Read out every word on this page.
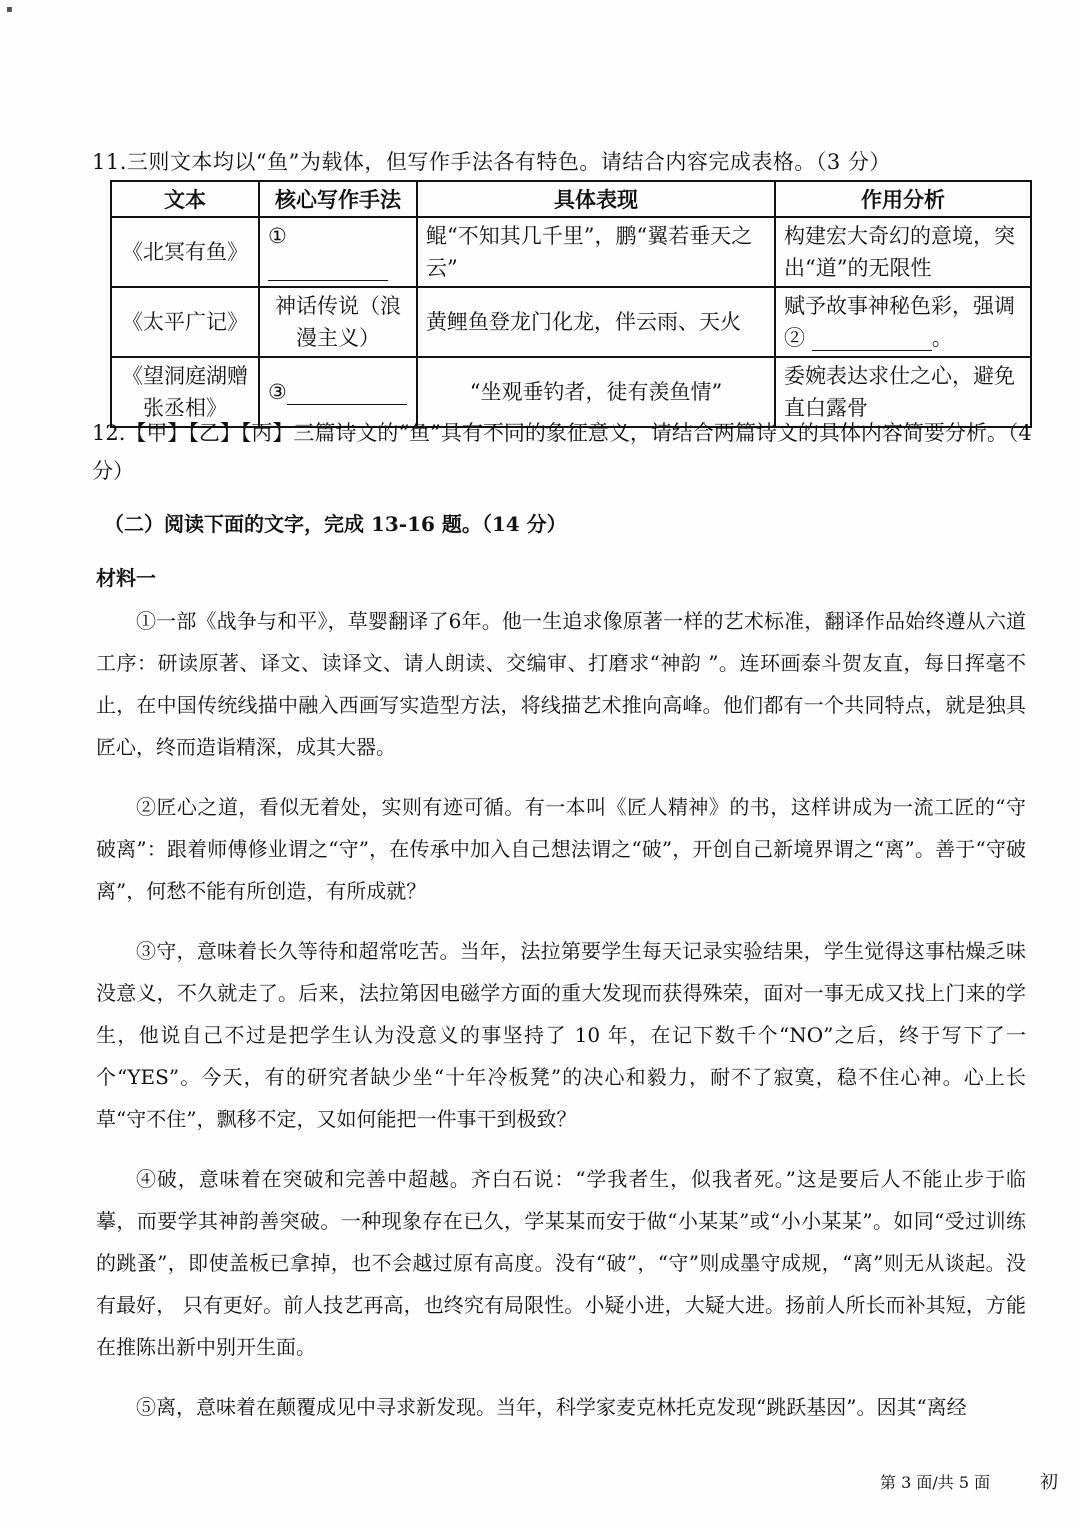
▪
11.三则文本均以“鱼”为载体，但写作手法各有特色。请结合内容完成表格。（3 分）
文本	核心写作手法	具体表现	作用分析
《北冥有鱼》	①	鲲“不知其几千里”，鹏“翼若垂天之云”	构建宏大奇幻的意境，突出“道”的无限性
《太平广记》	神话传说（浪漫主义）	黄鲤鱼登龙门化龙，伴云雨、天火	赋予故事神秘色彩，强调② 。
《望洞庭湖赠张丞相》	③	“坐观垂钓者，徒有羡鱼情”	委婉表达求仕之心，避免直白露骨
12.【甲】【乙】【丙】三篇诗文的“鱼”具有不同的象征意义，请结合两篇诗文的具体内容简要分析。（4分）
（二）阅读下面的文字，完成 13-16 题。（14 分）
材料一

①一部《战争与和平》，草婴翻译了6年。他一生追求像原著一样的艺术标准，翻译作品始终遵从六道工序：研读原著、译文、读译文、请人朗读、交编审、打磨求“神韵 ”。连环画泰斗贺友直，每日挥毫不止，在中国传统线描中融入西画写实造型方法，将线描艺术推向高峰。他们都有一个共同特点，就是独具匠心，终而造诣精深，成其大器。

②匠心之道，看似无着处，实则有迹可循。有一本叫《匠人精神》的书，这样讲成为一流工匠的“守破离”：跟着师傅修业谓之“守”，在传承中加入自己想法谓之“破”，开创自己新境界谓之“离”。善于“守破离”，何愁不能有所创造，有所成就？

③守，意味着长久等待和超常吃苦。当年，法拉第要学生每天记录实验结果，学生觉得这事枯燥乏味没意义，不久就走了。后来，法拉第因电磁学方面的重大发现而获得殊荣，面对一事无成又找上门来的学生，他说自己不过是把学生认为没意义的事坚持了 10 年，在记下数千个“NO”之后，终于写下了一个“YES”。今天，有的研究者缺少坐“十年冷板凳”的决心和毅力，耐不了寂寞，稳不住心神。心上长草“守不住”，飘移不定，又如何能把一件事干到极致？

④破，意味着在突破和完善中超越。齐白石说：“学我者生，似我者死。”这是要后人不能止步于临摹，而要学其神韵善突破。一种现象存在已久，学某某而安于做“小某某”或“小小某某”。如同“受过训练的跳蚤”，即使盖板已拿掉，也不会越过原有高度。没有“破”，“守”则成墨守成规，“离”则无从谈起。没有最好， 只有更好。前人技艺再高，也终究有局限性。小疑小进，大疑大进。扬前人所长而补其短，方能在推陈出新中别开生面。

⑤离，意味着在颠覆成见中寻求新发现。当年，科学家麦克林托克发现“跳跃基因”。因其“离经

第 3 面/共 5 面	初
